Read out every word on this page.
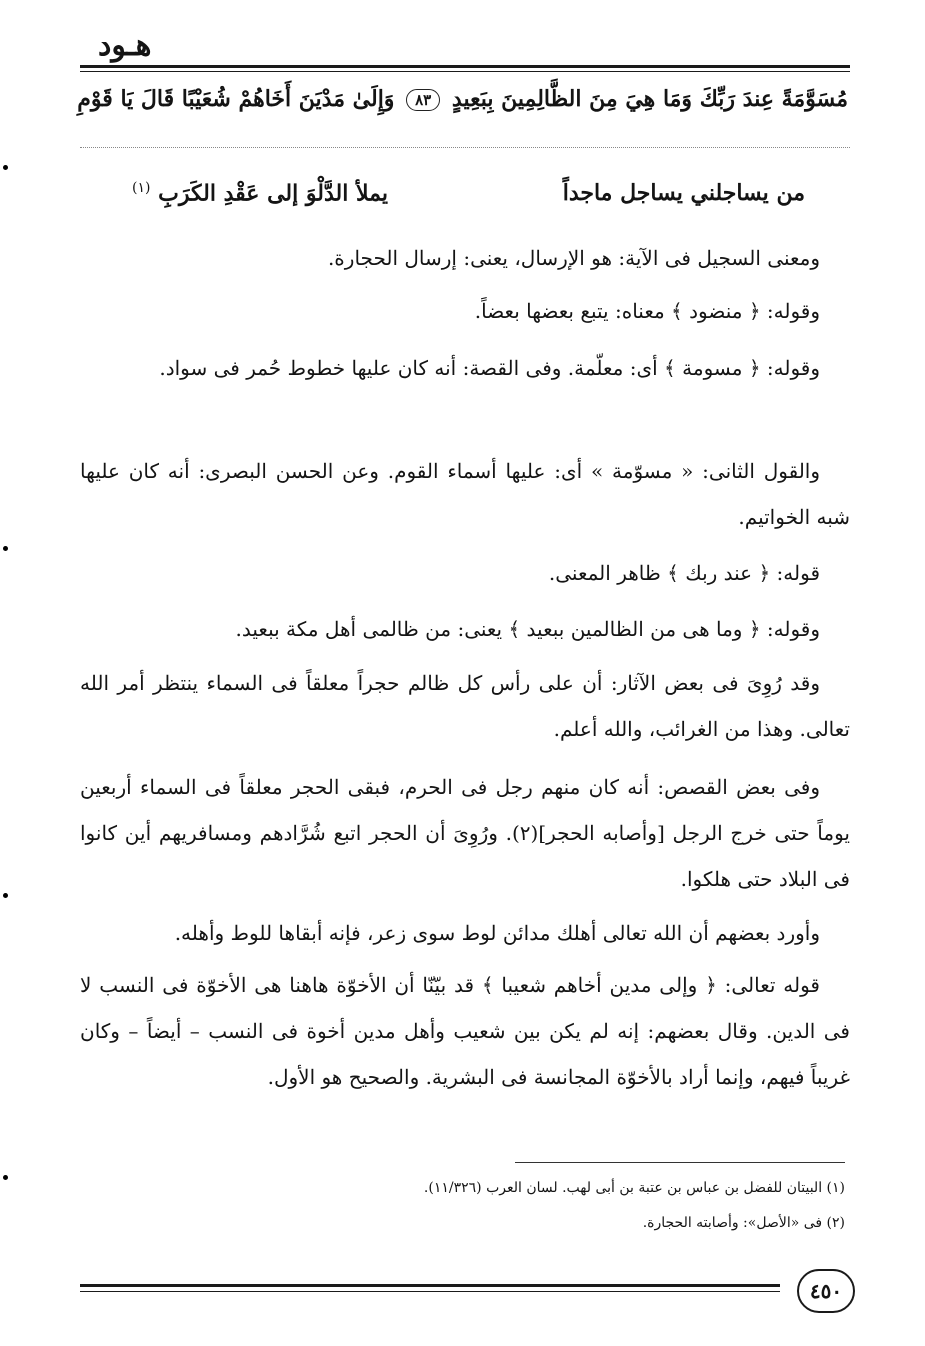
هـود
مُسَوَّمَةً عِندَ رَبِّكَ وَمَا هِيَ مِنَ الظَّالِمِينَ بِبَعِيدٍ ٨٣ وَإِلَىٰ مَدْيَنَ أَخَاهُمْ شُعَيْبًا قَالَ يَا قَوْمِ
من يساجلني يساجل ماجداً
يملأ الدَّلْوَ إلى عَقْدِ الكَرَبِ $^{(١)}$

ومعنى السجيل فى الآية: هو الإرسال، يعنى: إرسال الحجارة.

وقوله: ﴿ منضود ﴾ معناه: يتبع بعضها بعضاً.

وقوله: ﴿ مسومة ﴾ أى: معلّمة. وفى القصة: أنه كان عليها خطوط حُمر فى سواد.

والقول الثانى: « مسوّمة » أى: عليها أسماء القوم. وعن الحسن البصرى: أنه كان عليها شبه الخواتيم.

قوله: ﴿ عند ربك ﴾ ظاهر المعنى.

وقوله: ﴿ وما هى من الظالمين ببعيد ﴾ يعنى: من ظالمى أهل مكة ببعيد.

وقد رُوِىَ فى بعض الآثار: أن على رأس كل ظالم حجراً معلقاً فى السماء ينتظر أمر الله تعالى. وهذا من الغرائب، والله أعلم.

وفى بعض القصص: أنه كان منهم رجل فى الحرم، فبقى الحجر معلقاً فى السماء أربعين يوماً حتى خرج الرجل [وأصابه الحجر](٢). ورُوِىَ أن الحجر اتبع شُرَّادهم ومسافريهم أين كانوا فى البلاد حتى هلكوا.

وأورد بعضهم أن الله تعالى أهلك مدائن لوط سوى زعر، فإنه أبقاها للوط وأهله.

قوله تعالى: ﴿ وإلى مدين أخاهم شعيبا ﴾ قد بيّنّا أن الأخوّة هاهنا هى الأخوّة فى النسب لا فى الدين. وقال بعضهم: إنه لم يكن بين شعيب وأهل مدين أخوة فى النسب – أيضاً – وكان غريباً فيهم، وإنما أراد بالأخوّة المجانسة فى البشرية. والصحيح هو الأول.

(١) البيتان للفضل بن عباس بن عتبة بن أبى لهب. لسان العرب (١١/٣٢٦).

(٢) فى «الأصل»: وأصابته الحجارة.

٤٥٠
